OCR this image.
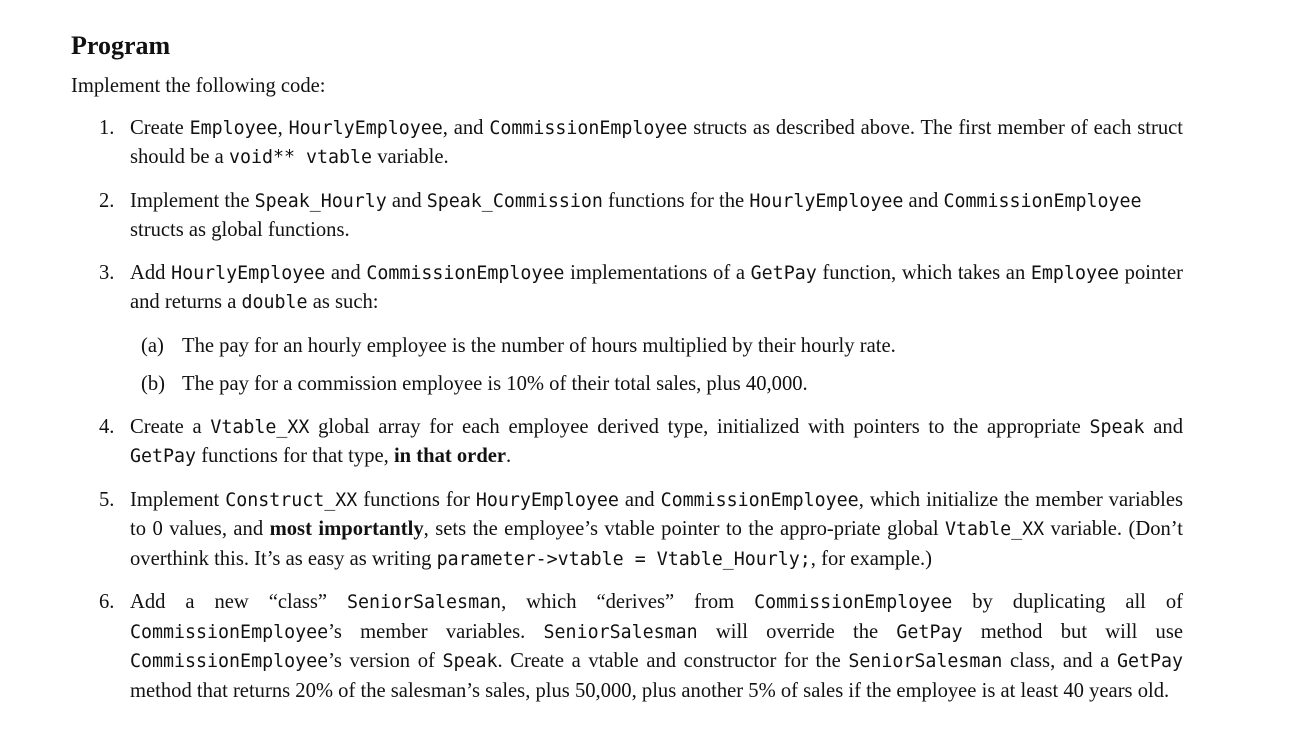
Program

Implement the following code:

1. Create Employee, HourlyEmployee, and CommissionEmployee structs as described above. The first member of each struct should be a void** vtable variable.
2. Implement the Speak_Hourly and Speak_Commission functions for the HourlyEmployee and CommissionEmployee
structs as global functions.
3. Add HourlyEmployee and CommissionEmployee implementations of a GetPay function, which takes an Employee pointer and returns a double as such:
(a) The pay for an hourly employee is the number of hours multiplied by their hourly rate.
(b) The pay for a commission employee is 10% of their total sales, plus 40,000.
4. Create a Vtable_XX global array for each employee derived type, initialized with pointers to the appropriate Speak and GetPay functions for that type, in that order.
5. Implement Construct_XX functions for HouryEmployee and CommissionEmployee, which initialize the member variables to 0 values, and most importantly, sets the employee’s vtable pointer to the appro-priate global Vtable_XX variable. (Don’t overthink this. It’s as easy as writing parameter->vtable = Vtable_Hourly;, for example.)
6. Add a new “class” SeniorSalesman, which “derives” from CommissionEmployee by duplicating all of CommissionEmployee’s member variables. SeniorSalesman will override the GetPay method but will use CommissionEmployee’s version of Speak. Create a vtable and constructor for the SeniorSalesman class, and a GetPay method that returns 20% of the salesman’s sales, plus 50,000, plus another 5% of sales if the employee is at least 40 years old.
